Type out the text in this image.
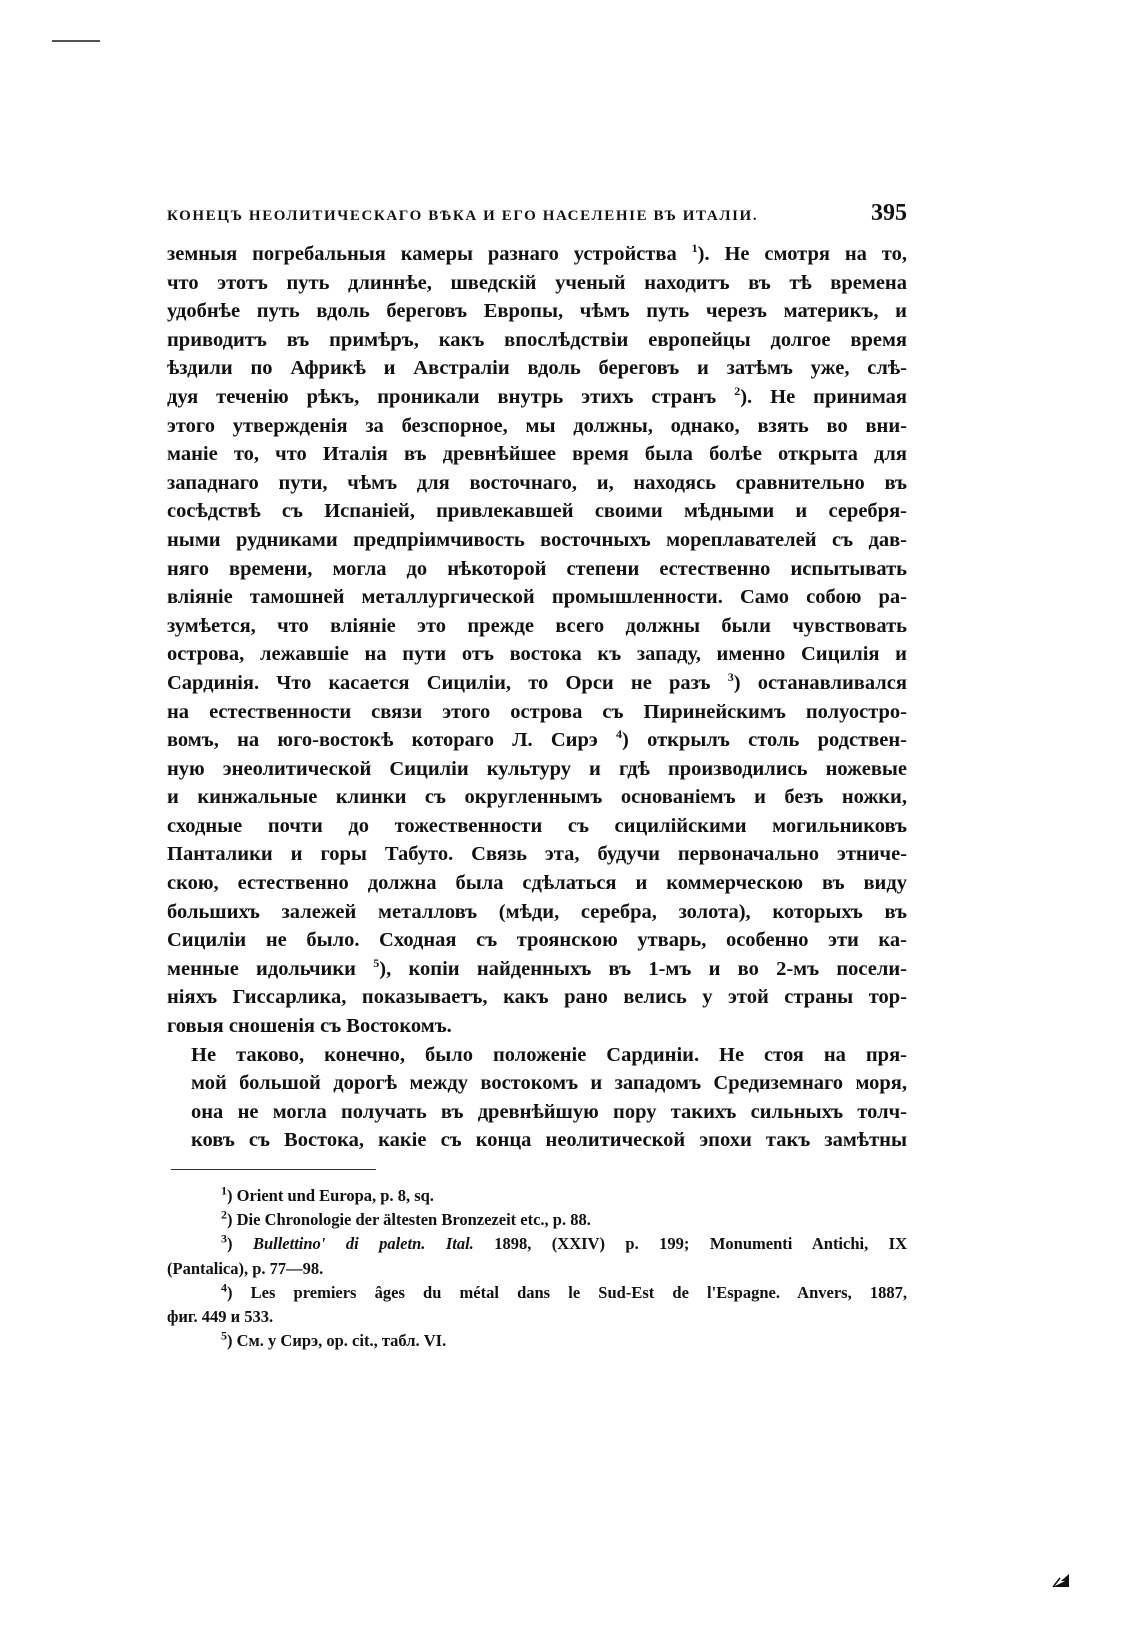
КОНЕЦЪ НЕОЛИТИЧЕСКАГО ВѢКА И ЕГО НАСЕЛЕНІЕ ВЪ ИТАЛІИ.	395

земныя погребальныя камеры разнаго устройства $^1$). Не смотря на то,
что этотъ путь длиннѣе, шведскій ученый находитъ въ тѣ времена
удобнѣе путь вдоль береговъ Европы, чѣмъ путь черезъ материкъ, и
приводитъ въ примѣръ, какъ впослѣдствіи европейцы долгое время
ѣздили по Африкѣ и Австраліи вдоль береговъ и затѣмъ уже, слѣ-
дуя теченію рѣкъ, проникали внутрь этихъ странъ $^2$). Не принимая
этого утвержденія за безспорное, мы должны, однако, взять во вни-
маніе то, что Италія въ древнѣйшее время была болѣе открыта для
западнаго пути, чѣмъ для восточнаго, и, находясь сравнительно въ
сосѣдствѣ съ Испаніей, привлекавшей своими мѣдными и серебря-
ными рудниками предпріимчивость восточныхъ мореплавателей съ дав-
няго времени, могла до нѣкоторой степени естественно испытывать
вліяніе тамошней металлургической промышленности. Само собою ра-
зумѣется, что вліяніе это прежде всего должны были чувствовать
острова, лежавшіе на пути отъ востока къ западу, именно Сицилія и
Сардинія. Что касается Сициліи, то Орси не разъ $^3$) останавливался
на естественности связи этого острова съ Пиринейскимъ полуостро-
вомъ, на юго-востокѣ котораго Л. Сирэ $^4$) открылъ столь родствен-
ную энеолитической Сициліи культуру и гдѣ производились ножевые
и кинжальные клинки съ округленнымъ основаніемъ и безъ ножки,
сходные почти до тожественности съ сицилійскими могильниковъ
Панталики и горы Табуто. Связь эта, будучи первоначально этниче-
скою, естественно должна была сдѣлаться и коммерческою въ виду
большихъ залежей металловъ (мѣди, серебра, золота), которыхъ въ
Сициліи не было. Сходная съ троянскою утварь, особенно эти ка-
менные идольчики $^5$), копіи найденныхъ въ 1-мъ и во 2-мъ посели-
ніяхъ Гиссарлика, показываетъ, какъ рано велись у этой страны тор-
говыя сношенія съ Востокомъ.

Не таково, конечно, было положеніе Сардиніи. Не стоя на пря-
мой большой дорогѣ между востокомъ и западомъ Средиземнаго моря,
она не могла получать въ древнѣйшую пору такихъ сильныхъ толч-
ковъ съ Востока, какіе съ конца неолитической эпохи такъ замѣтны

$^1$) Orient und Europa, p. 8, sq.

$^2$) Die Chronologie der ältesten Bronzezeit etc., p. 88.

$^3$) Bullettino' di paletn. Ital. 1898, (XXIV) p. 199; Monumenti Antichi, IX
(Pantalica), p. 77—98.

$^4$) Les premiers âges du métal dans le Sud-Est de l'Espagne. Anvers, 1887,
фиг. 449 и 533.

$^5$) См. у Сирэ, op. cit., табл. VI.
